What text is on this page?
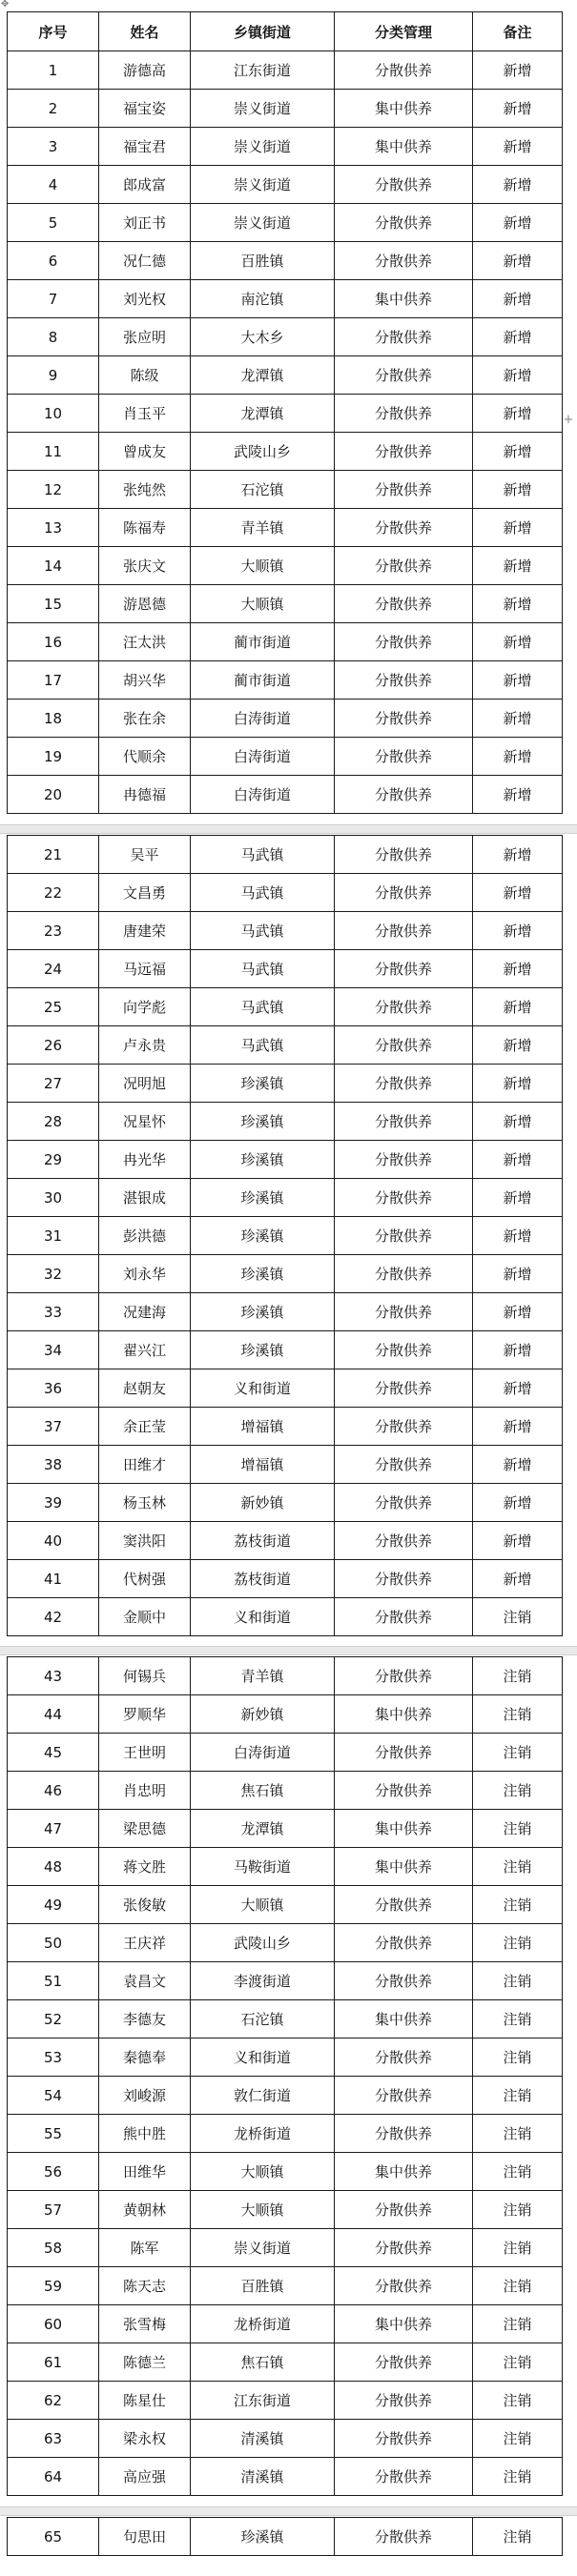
✥
序号	姓名	乡镇街道	分类管理	备注
1	游德高	江东街道	分散供养	新增
2	福宝姿	崇义街道	集中供养	新增
3	福宝君	崇义街道	集中供养	新增
4	郎成富	崇义街道	分散供养	新增
5	刘正书	崇义街道	分散供养	新增
6	况仁德	百胜镇	分散供养	新增
7	刘光权	南沱镇	集中供养	新增
8	张应明	大木乡	分散供养	新增
9	陈级	龙潭镇	分散供养	新增
10	肖玉平	龙潭镇	分散供养	新增
11	曾成友	武陵山乡	分散供养	新增
12	张纯然	石沱镇	分散供养	新增
13	陈福寿	青羊镇	分散供养	新增
14	张庆文	大顺镇	分散供养	新增
15	游恩德	大顺镇	分散供养	新增
16	汪太洪	蔺市街道	分散供养	新增
17	胡兴华	蔺市街道	分散供养	新增
18	张在余	白涛街道	分散供养	新增
19	代顺余	白涛街道	分散供养	新增
20	冉德福	白涛街道	分散供养	新增
21	吴平	马武镇	分散供养	新增
22	文昌勇	马武镇	分散供养	新增
23	唐建荣	马武镇	分散供养	新增
24	马远福	马武镇	分散供养	新增
25	向学彪	马武镇	分散供养	新增
26	卢永贵	马武镇	分散供养	新增
27	况明旭	珍溪镇	分散供养	新增
28	况星怀	珍溪镇	分散供养	新增
29	冉光华	珍溪镇	分散供养	新增
30	湛银成	珍溪镇	分散供养	新增
31	彭洪德	珍溪镇	分散供养	新增
32	刘永华	珍溪镇	分散供养	新增
33	况建海	珍溪镇	分散供养	新增
34	翟兴江	珍溪镇	分散供养	新增
36	赵朝友	义和街道	分散供养	新增
37	余正莹	增福镇	分散供养	新增
38	田维才	增福镇	分散供养	新增
39	杨玉林	新妙镇	分散供养	新增
40	窦洪阳	荔枝街道	分散供养	新增
41	代树强	荔枝街道	分散供养	新增
42	金顺中	义和街道	分散供养	注销
43	何锡兵	青羊镇	分散供养	注销
44	罗顺华	新妙镇	集中供养	注销
45	王世明	白涛街道	分散供养	注销
46	肖忠明	焦石镇	分散供养	注销
47	梁思德	龙潭镇	集中供养	注销
48	蒋文胜	马鞍街道	集中供养	注销
49	张俊敏	大顺镇	分散供养	注销
50	王庆祥	武陵山乡	分散供养	注销
51	袁昌文	李渡街道	分散供养	注销
52	李德友	石沱镇	集中供养	注销
53	秦德奉	义和街道	分散供养	注销
54	刘峻源	敦仁街道	分散供养	注销
55	熊中胜	龙桥街道	分散供养	注销
56	田维华	大顺镇	集中供养	注销
57	黄朝林	大顺镇	分散供养	注销
58	陈军	崇义街道	分散供养	注销
59	陈天志	百胜镇	分散供养	注销
60	张雪梅	龙桥街道	集中供养	注销
61	陈德兰	焦石镇	分散供养	注销
62	陈星仕	江东街道	分散供养	注销
63	梁永权	清溪镇	分散供养	注销
64	高应强	清溪镇	分散供养	注销
65	句思田	珍溪镇	分散供养	注销
+
